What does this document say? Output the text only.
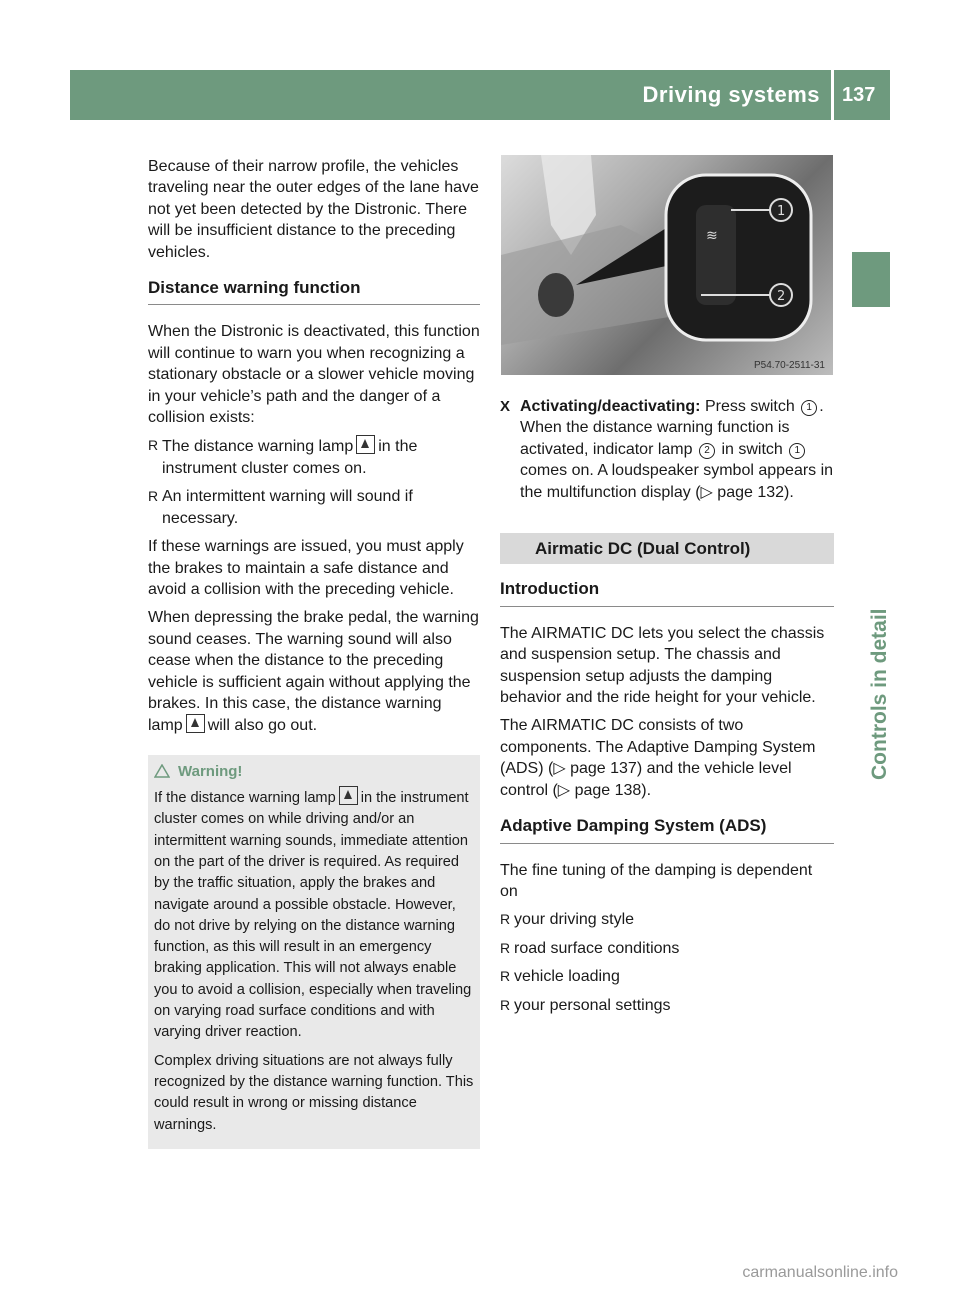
Driving systems 137
Controls in detail

Because of their narrow profile, the vehicles traveling near the outer edges of the lane have not yet been detected by the Distronic. There will be insufficient distance to the preceding vehicles.

Distance warning function

When the Distronic is deactivated, this function will continue to warn you when recognizing a stationary obstacle or a slower vehicle moving in your vehicle’s path and the danger of a collision exists:

R The distance warning lamp in the instrument cluster comes on.
R An intermittent warning will sound if necessary.

If these warnings are issued, you must apply the brakes to maintain a safe distance and avoid a collision with the preceding vehicle.

When depressing the brake pedal, the warning sound ceases. The warning sound will also cease when the distance to the preceding vehicle is sufficient again without applying the brakes. In this case, the distance warning lamp will also go out.

Warning!

If the distance warning lamp in the instrument cluster comes on while driving and/or an intermittent warning sounds, immediate attention on the part of the driver is required. As required by the traffic situation, apply the brakes and navigate around a possible obstacle. However, do not drive by relying on the distance warning function, as this will result in an emergency braking application. This will not always enable you to avoid a collision, especially when traveling on varying road surface conditions and with varying driver reaction.

Complex driving situations are not always fully recognized by the distance warning function. This could result in wrong or missing distance warnings.

≋
1
2
P54.70-2511-31
X Activating/deactivating: Press switch 1 .
When the distance warning function is activated, indicator lamp 2 in switch 1 comes on. A loudspeaker symbol appears in the multifunction display (▷ page 132).
Airmatic DC (Dual Control)
Introduction

The AIRMATIC DC lets you select the chassis and suspension setup. The chassis and suspension setup adjusts the damping behavior and the ride height for your vehicle.

The AIRMATIC DC consists of two components. The Adaptive Damping System (ADS) (▷ page 137) and the vehicle level control (▷ page 138).

Adaptive Damping System (ADS)

The fine tuning of the damping is dependent on

R your driving style
R road surface conditions
R vehicle loading
R your personal settings
carmanualsonline.info
